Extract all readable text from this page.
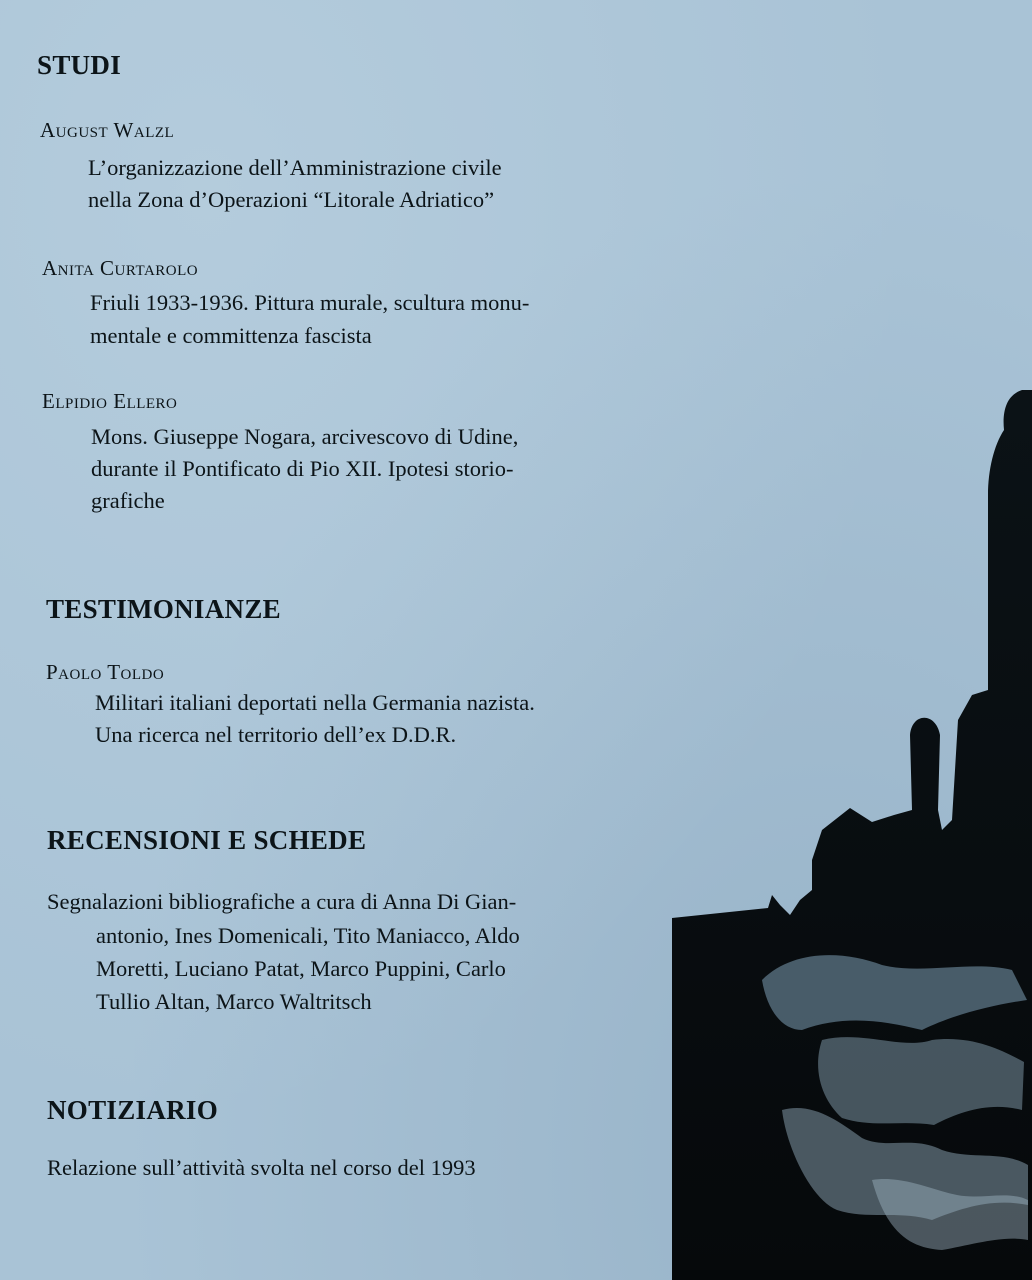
STUDI
August Walzl
L’organizzazione dell’Amministrazione civile
nella Zona d’Operazioni “Litorale Adriatico”
Anita Curtarolo
Friuli 1933-1936. Pittura murale, scultura monu-
mentale e committenza fascista
Elpidio Ellero
Mons. Giuseppe Nogara, arcivescovo di Udine,
durante il Pontificato di Pio XII. Ipotesi storio-
grafiche
TESTIMONIANZE
Paolo Toldo
Militari italiani deportati nella Germania nazista.
Una ricerca nel territorio dell’ex D.D.R.
RECENSIONI E SCHEDE
Segnalazioni bibliografiche a cura di Anna Di Gian-
antonio, Ines Domenicali, Tito Maniacco, Aldo
Moretti, Luciano Patat, Marco Puppini, Carlo
Tullio Altan, Marco Waltritsch
NOTIZIARIO
Relazione sull’attività svolta nel corso del 1993
